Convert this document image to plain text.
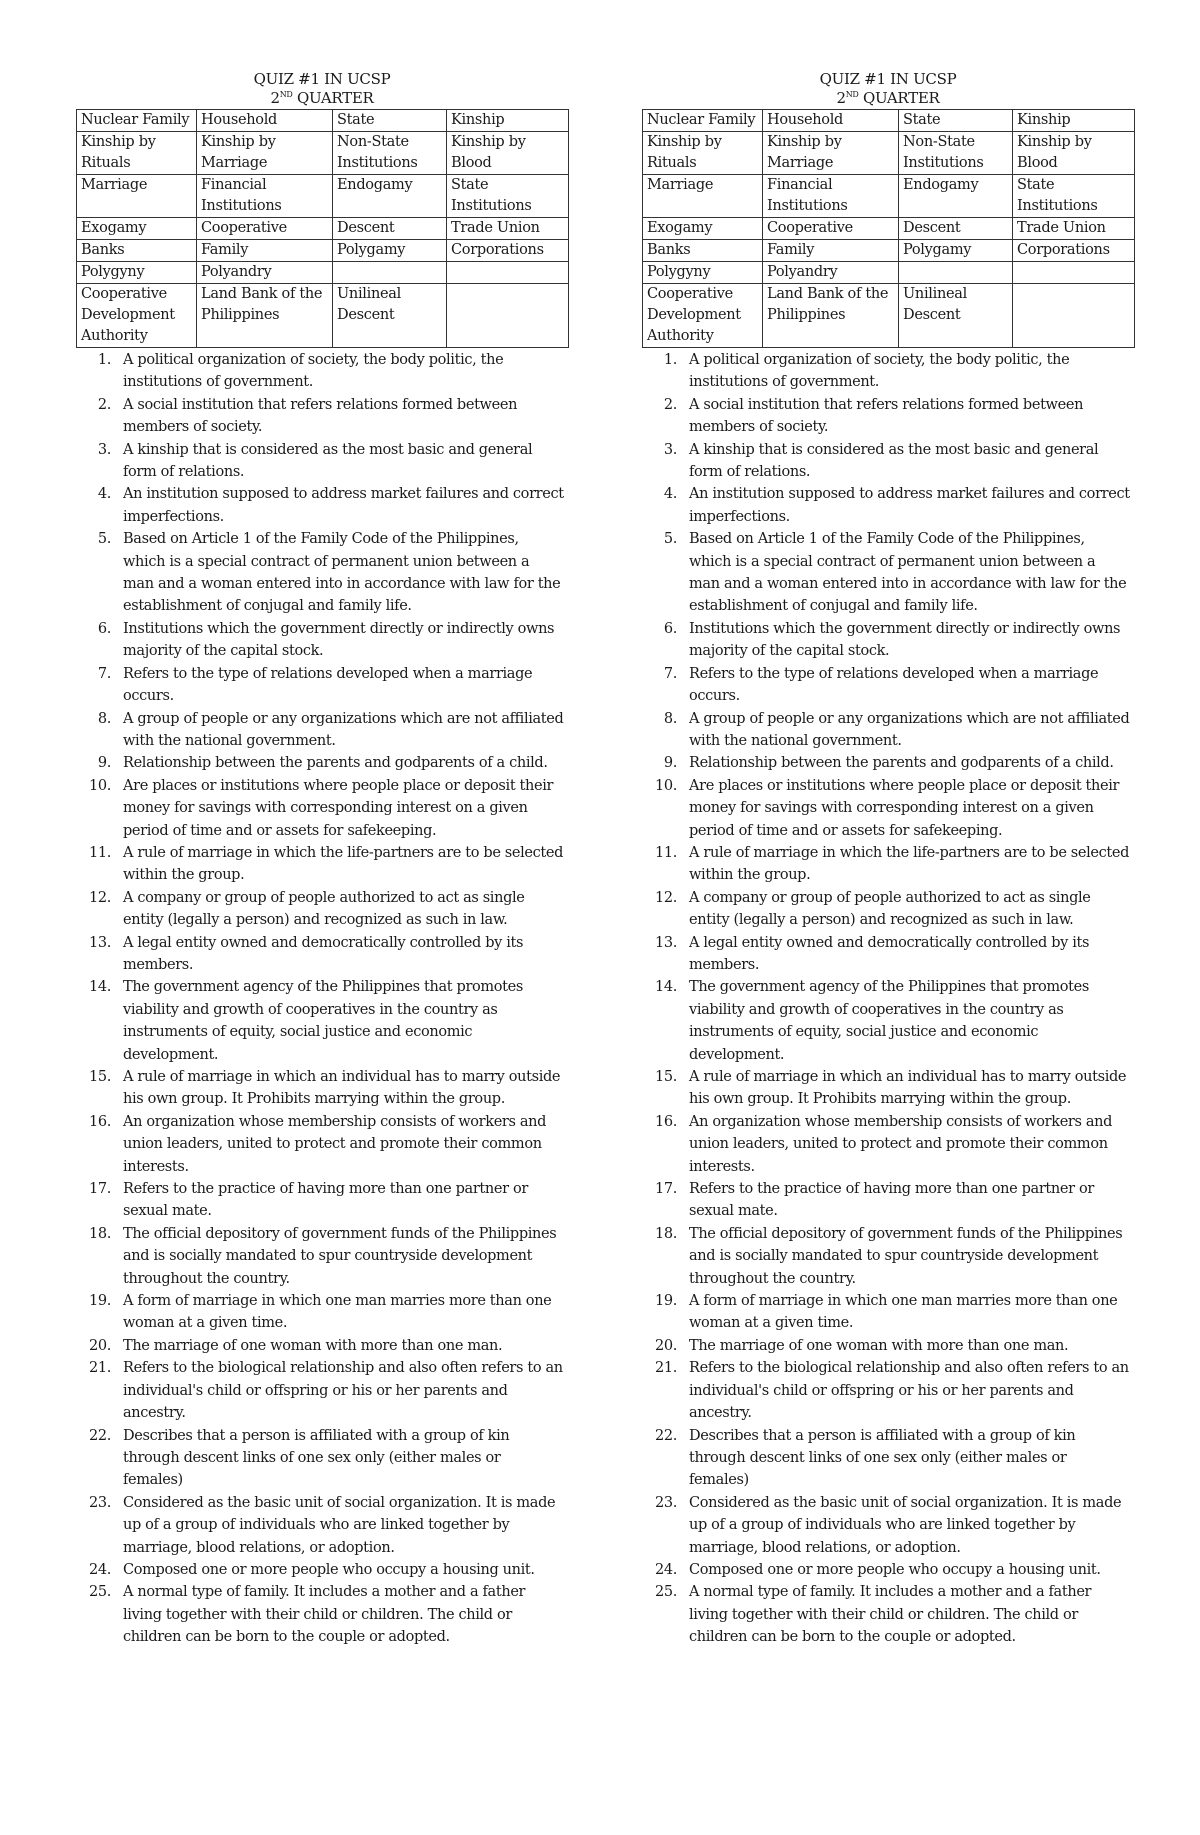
QUIZ #1 IN UCSP
2ND QUARTER
Nuclear Family	Household	State	Kinship
Kinship by Rituals	Kinship by Marriage	Non-State Institutions	Kinship by Blood
Marriage	Financial Institutions	Endogamy	State Institutions
Exogamy	Cooperative	Descent	Trade Union
Banks	Family	Polygamy	Corporations
Polygyny	Polyandry		
Cooperative Development Authority	Land Bank of the Philippines	Unilineal Descent	
1. A political organization of society, the body politic, the institutions of government.
2. A social institution that refers relations formed between members of society.
3. A kinship that is considered as the most basic and general form of relations.
4. An institution supposed to address market failures and correct imperfections.
5. Based on Article 1 of the Family Code of the Philippines, which is a special contract of permanent union between a man and a woman entered into in accordance with law for the establishment of conjugal and family life.
6. Institutions which the government directly or indirectly owns majority of the capital stock.
7. Refers to the type of relations developed when a marriage occurs.
8. A group of people or any organizations which are not affiliated with the national government.
9. Relationship between the parents and godparents of a child.
10. Are places or institutions where people place or deposit their money for savings with corresponding interest on a given period of time and or assets for safekeeping.
11. A rule of marriage in which the life-partners are to be selected within the group.
12. A company or group of people authorized to act as single entity (legally a person) and recognized as such in law.
13. A legal entity owned and democratically controlled by its members.
14. The government agency of the Philippines that promotes viability and growth of cooperatives in the country as instruments of equity, social justice and economic development.
15. A rule of marriage in which an individual has to marry outside his own group. It Prohibits marrying within the group.
16. An organization whose membership consists of workers and union leaders, united to protect and promote their common interests.
17. Refers to the practice of having more than one partner or sexual mate.
18. The official depository of government funds of the Philippines and is socially mandated to spur countryside development throughout the country.
19. A form of marriage in which one man marries more than one woman at a given time.
20. The marriage of one woman with more than one man.
21. Refers to the biological relationship and also often refers to an individual's child or offspring or his or her parents and ancestry.
22. Describes that a person is affiliated with a group of kin through descent links of one sex only (either males or females)
23. Considered as the basic unit of social organization. It is made up of a group of individuals who are linked together by marriage, blood relations, or adoption.
24. Composed one or more people who occupy a housing unit.
25. A normal type of family. It includes a mother and a father living together with their child or children. The child or children can be born to the couple or adopted.
QUIZ #1 IN UCSP
2ND QUARTER
Nuclear Family	Household	State	Kinship
Kinship by Rituals	Kinship by Marriage	Non-State Institutions	Kinship by Blood
Marriage	Financial Institutions	Endogamy	State Institutions
Exogamy	Cooperative	Descent	Trade Union
Banks	Family	Polygamy	Corporations
Polygyny	Polyandry		
Cooperative Development Authority	Land Bank of the Philippines	Unilineal Descent	
1. A political organization of society, the body politic, the institutions of government.
2. A social institution that refers relations formed between members of society.
3. A kinship that is considered as the most basic and general form of relations.
4. An institution supposed to address market failures and correct imperfections.
5. Based on Article 1 of the Family Code of the Philippines, which is a special contract of permanent union between a man and a woman entered into in accordance with law for the establishment of conjugal and family life.
6. Institutions which the government directly or indirectly owns majority of the capital stock.
7. Refers to the type of relations developed when a marriage occurs.
8. A group of people or any organizations which are not affiliated with the national government.
9. Relationship between the parents and godparents of a child.
10. Are places or institutions where people place or deposit their money for savings with corresponding interest on a given period of time and or assets for safekeeping.
11. A rule of marriage in which the life-partners are to be selected within the group.
12. A company or group of people authorized to act as single entity (legally a person) and recognized as such in law.
13. A legal entity owned and democratically controlled by its members.
14. The government agency of the Philippines that promotes viability and growth of cooperatives in the country as instruments of equity, social justice and economic development.
15. A rule of marriage in which an individual has to marry outside his own group. It Prohibits marrying within the group.
16. An organization whose membership consists of workers and union leaders, united to protect and promote their common interests.
17. Refers to the practice of having more than one partner or sexual mate.
18. The official depository of government funds of the Philippines and is socially mandated to spur countryside development throughout the country.
19. A form of marriage in which one man marries more than one woman at a given time.
20. The marriage of one woman with more than one man.
21. Refers to the biological relationship and also often refers to an individual's child or offspring or his or her parents and ancestry.
22. Describes that a person is affiliated with a group of kin through descent links of one sex only (either males or females)
23. Considered as the basic unit of social organization. It is made up of a group of individuals who are linked together by marriage, blood relations, or adoption.
24. Composed one or more people who occupy a housing unit.
25. A normal type of family. It includes a mother and a father living together with their child or children. The child or children can be born to the couple or adopted.
